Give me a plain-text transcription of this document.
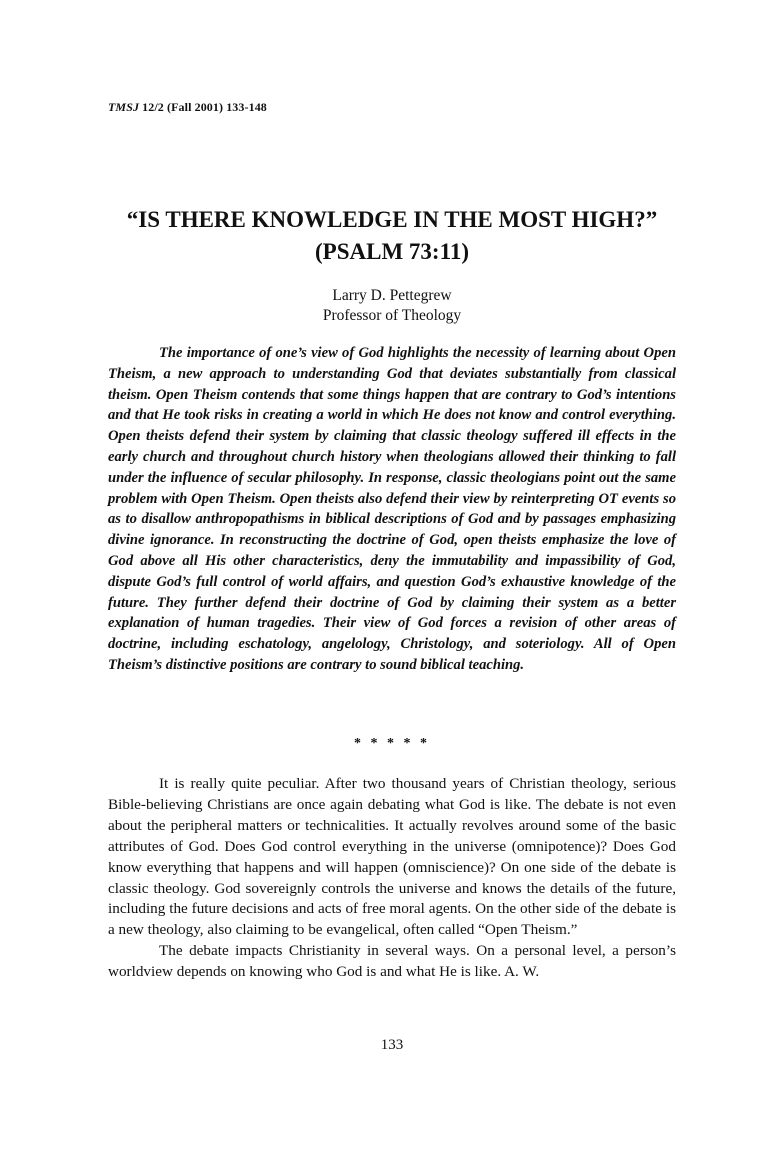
TMSJ 12/2 (Fall 2001) 133-148
“IS THERE KNOWLEDGE IN THE MOST HIGH?”
(PSALM 73:11)
Larry D. Pettegrew
Professor of Theology

The importance of one’s view of God highlights the necessity of learning about Open Theism, a new approach to understanding God that deviates substantially from classical theism. Open Theism contends that some things happen that are contrary to God’s intentions and that He took risks in creating a world in which He does not know and control everything. Open theists defend their system by claiming that classic theology suffered ill effects in the early church and throughout church history when theologians allowed their thinking to fall under the influence of secular philosophy. In response, classic theologians point out the same problem with Open Theism. Open theists also defend their view by reinterpreting OT events so as to disallow anthropopathisms in biblical descriptions of God and by passages emphasizing divine ignorance. In reconstructing the doctrine of God, open theists emphasize the love of God above all His other characteristics, deny the immutability and impassibility of God, dispute God’s full control of world affairs, and question God’s exhaustive knowledge of the future. They further defend their doctrine of God by claiming their system as a better explanation of human tragedies. Their view of God forces a revision of other areas of doctrine, including eschatology, angelology, Christology, and soteriology. All of Open Theism’s distinctive positions are contrary to sound biblical teaching.

* * * * *

It is really quite peculiar. After two thousand years of Christian theology, serious Bible-believing Christians are once again debating what God is like. The debate is not even about the peripheral matters or technicalities. It actually revolves around some of the basic attributes of God. Does God control everything in the universe (omnipotence)? Does God know everything that happens and will happen (omniscience)? On one side of the debate is classic theology. God sovereignly controls the universe and knows the details of the future, including the future decisions and acts of free moral agents. On the other side of the debate is a new theology, also claiming to be evangelical, often called “Open Theism.”

The debate impacts Christianity in several ways. On a personal level, a person’s worldview depends on knowing who God is and what He is like. A. W.

133
